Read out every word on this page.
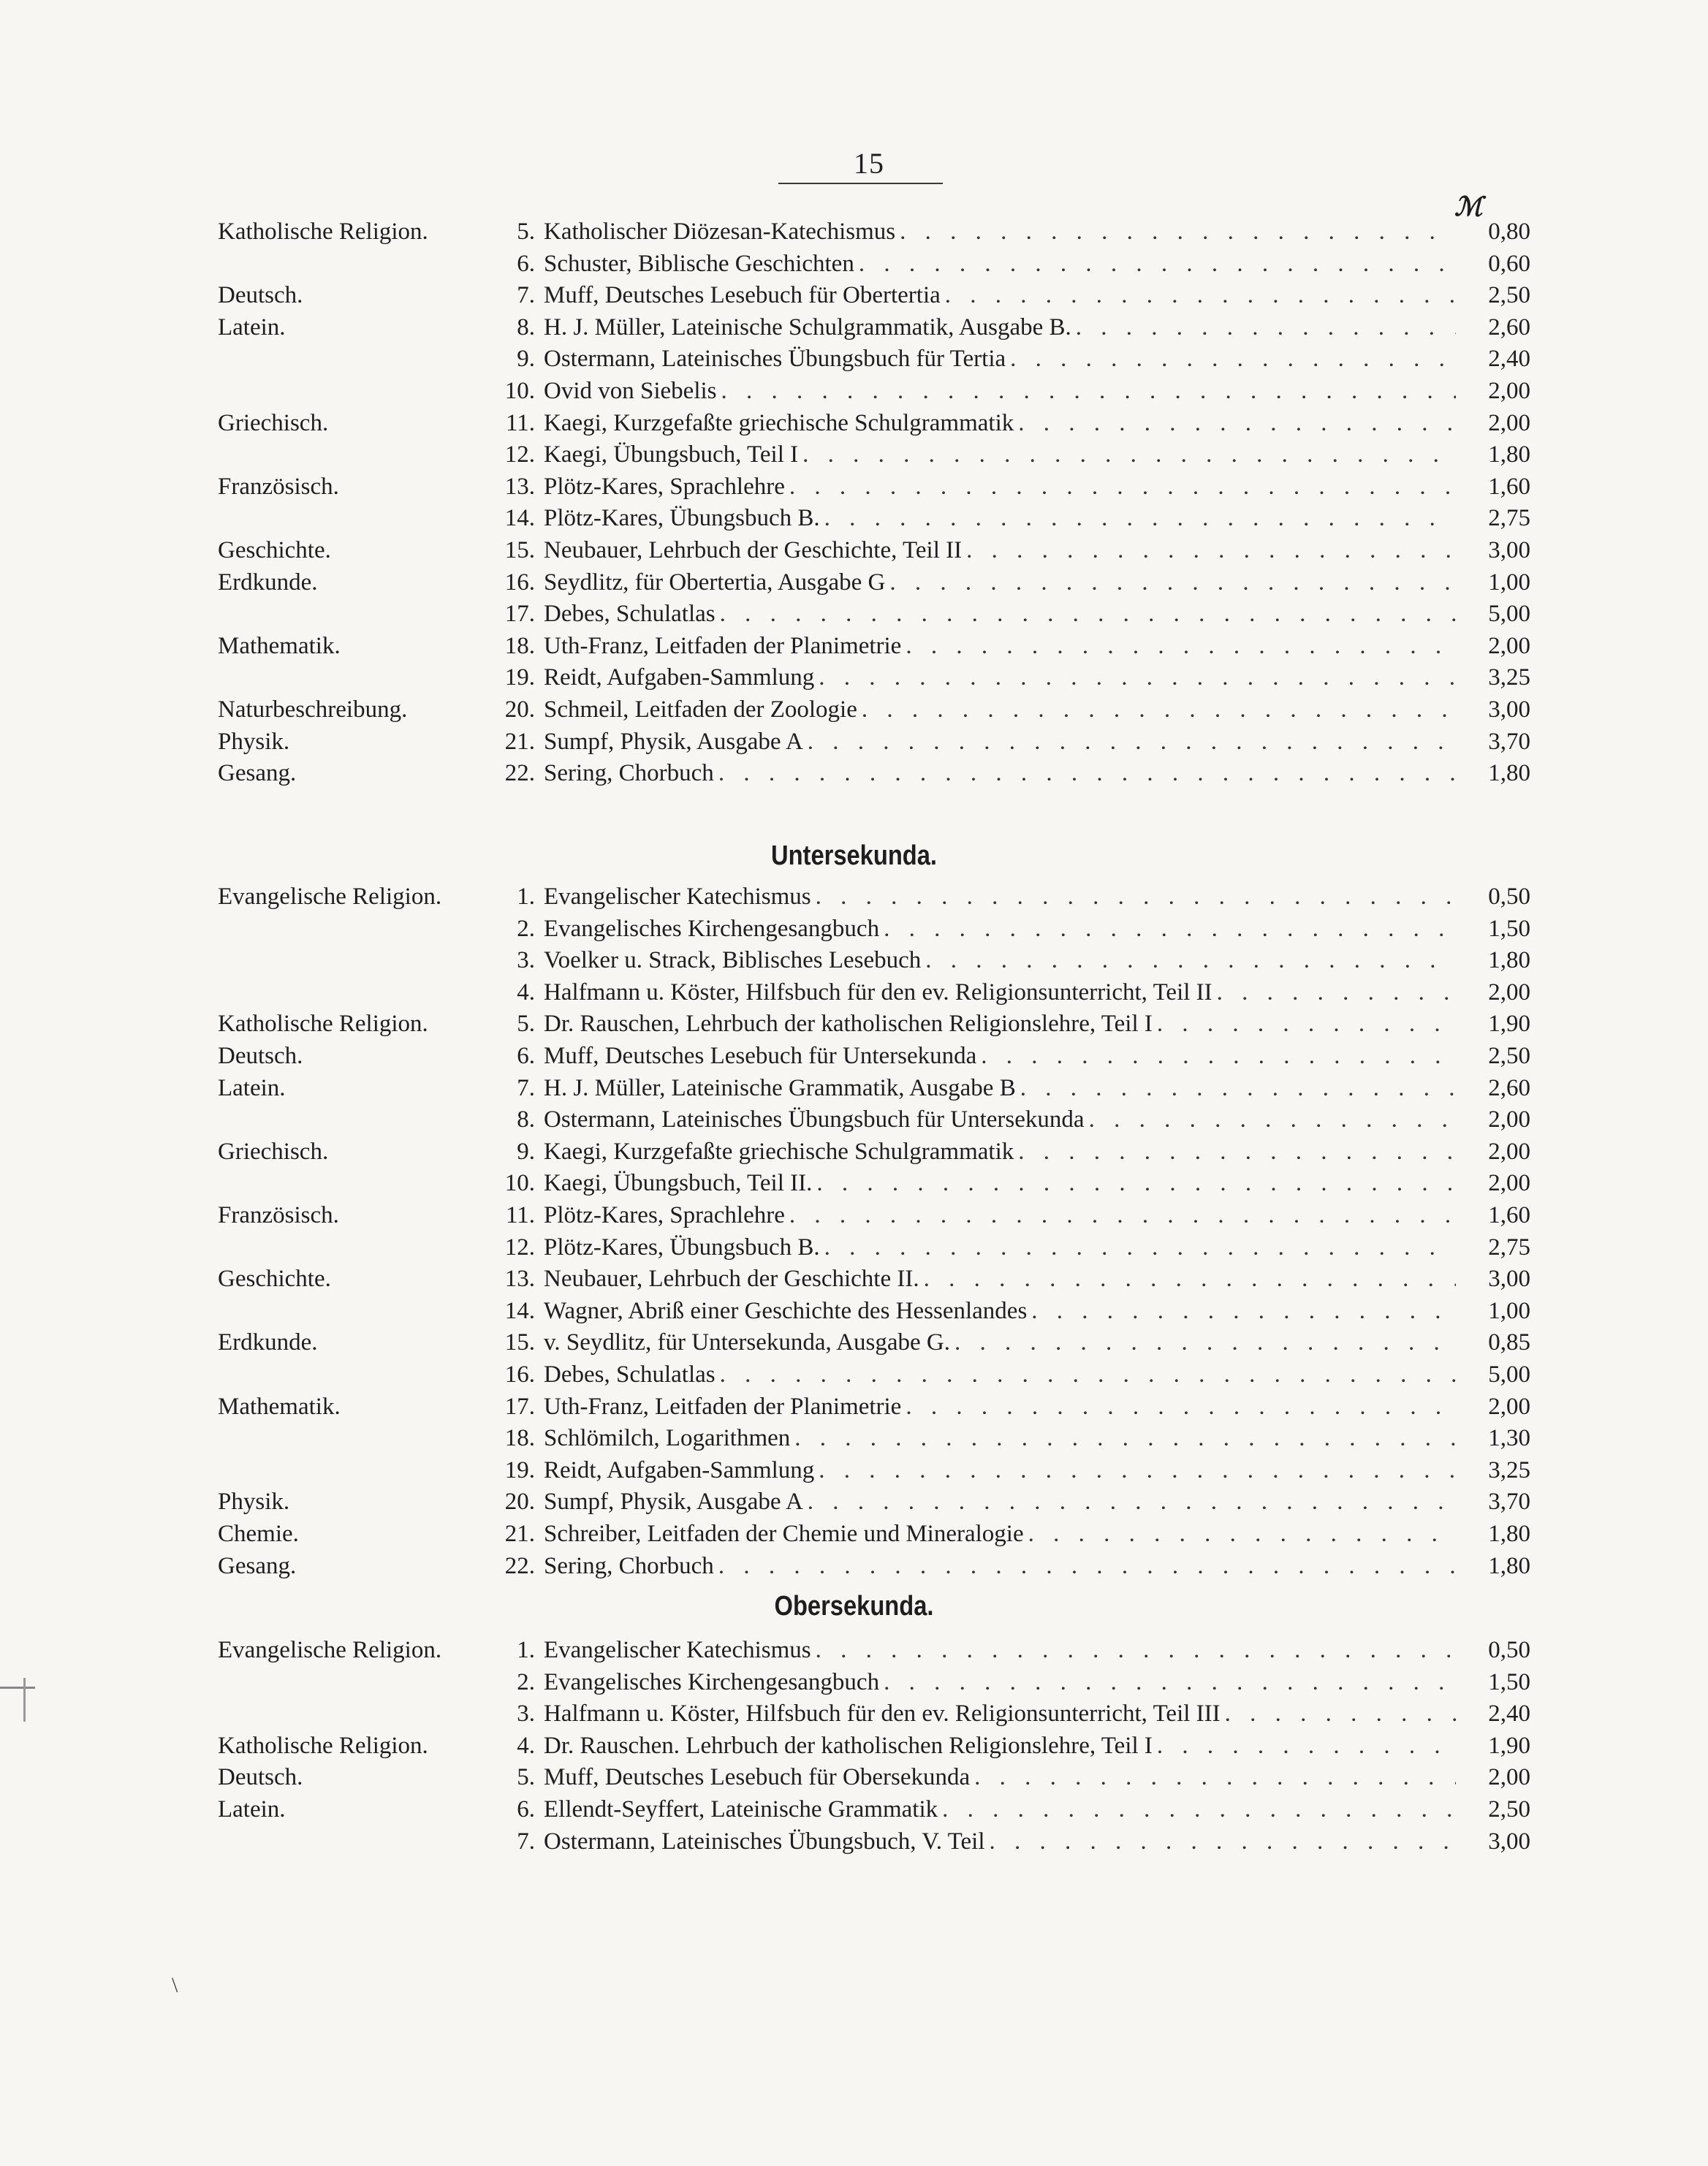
15
ℳ
Katholische Religion.	5. Katholischer Diözesan-Katechismus . . .	0,80
6. Schuster, Biblische Geschichten . . .	0,60
Deutsch.	7. Muff, Deutsches Lesebuch für Obertertia . . .	2,50
Latein.	8. H. J. Müller, Lateinische Schulgrammatik, Ausgabe B. . . .	2,60
9. Ostermann, Lateinisches Übungsbuch für Tertia . . .	2,40
10. Ovid von Siebelis . . .	2,00
Griechisch.	11. Kaegi, Kurzgefaßte griechische Schulgrammatik . . .	2,00
12. Kaegi, Übungsbuch, Teil I . . .	1,80
Französisch.	13. Plötz-Kares, Sprachlehre . . .	1,60
14. Plötz-Kares, Übungsbuch B. . . .	2,75
Geschichte.	15. Neubauer, Lehrbuch der Geschichte, Teil II . . .	3,00
Erdkunde.	16. Seydlitz, für Obertertia, Ausgabe G . . .	1,00
17. Debes, Schulatlas . . .	5,00
Mathematik.	18. Uth-Franz, Leitfaden der Planimetrie . . .	2,00
19. Reidt, Aufgaben-Sammlung . . .	3,25
Naturbeschreibung.	20. Schmeil, Leitfaden der Zoologie . . .	3,00
Physik.	21. Sumpf, Physik, Ausgabe A . . .	3,70
Gesang.	22. Sering, Chorbuch . . .	1,80
Untersekunda.
Evangelische Religion.	1. Evangelischer Katechismus . . .	0,50
2. Evangelisches Kirchengesangbuch . . .	1,50
3. Voelker u. Strack, Biblisches Lesebuch . . .	1,80
4. Halfmann u. Köster, Hilfsbuch für den ev. Religionsunterricht, Teil II . . .	2,00
Katholische Religion.	5. Dr. Rauschen, Lehrbuch der katholischen Religionslehre, Teil I . . .	1,90
Deutsch.	6. Muff, Deutsches Lesebuch für Untersekunda . . .	2,50
Latein.	7. H. J. Müller, Lateinische Grammatik, Ausgabe B . . .	2,60
8. Ostermann, Lateinisches Übungsbuch für Untersekunda . . .	2,00
Griechisch.	9. Kaegi, Kurzgefaßte griechische Schulgrammatik . . .	2,00
10. Kaegi, Übungsbuch, Teil II. . . .	2,00
Französisch.	11. Plötz-Kares, Sprachlehre . . .	1,60
12. Plötz-Kares, Übungsbuch B. . . .	2,75
Geschichte.	13. Neubauer, Lehrbuch der Geschichte II. . . .	3,00
14. Wagner, Abriß einer Geschichte des Hessenlandes . . .	1,00
Erdkunde.	15. v. Seydlitz, für Untersekunda, Ausgabe G. . . .	0,85
16. Debes, Schulatlas . . .	5,00
Mathematik.	17. Uth-Franz, Leitfaden der Planimetrie . . .	2,00
18. Schlömilch, Logarithmen . . .	1,30
19. Reidt, Aufgaben-Sammlung . . .	3,25
Physik.	20. Sumpf, Physik, Ausgabe A . . .	3,70
Chemie.	21. Schreiber, Leitfaden der Chemie und Mineralogie . . .	1,80
Gesang.	22. Sering, Chorbuch . . .	1,80
Obersekunda.
Evangelische Religion.	1. Evangelischer Katechismus . . .	0,50
2. Evangelisches Kirchengesangbuch . . .	1,50
3. Halfmann u. Köster, Hilfsbuch für den ev. Religionsunterricht, Teil III . . .	2,40
Katholische Religion.	4. Dr. Rauschen. Lehrbuch der katholischen Religionslehre, Teil I . . .	1,90
Deutsch.	5. Muff, Deutsches Lesebuch für Obersekunda . . .	2,00
Latein.	6. Ellendt-Seyffert, Lateinische Grammatik . . .	2,50
7. Ostermann, Lateinisches Übungsbuch, V. Teil . . .	3,00
\
